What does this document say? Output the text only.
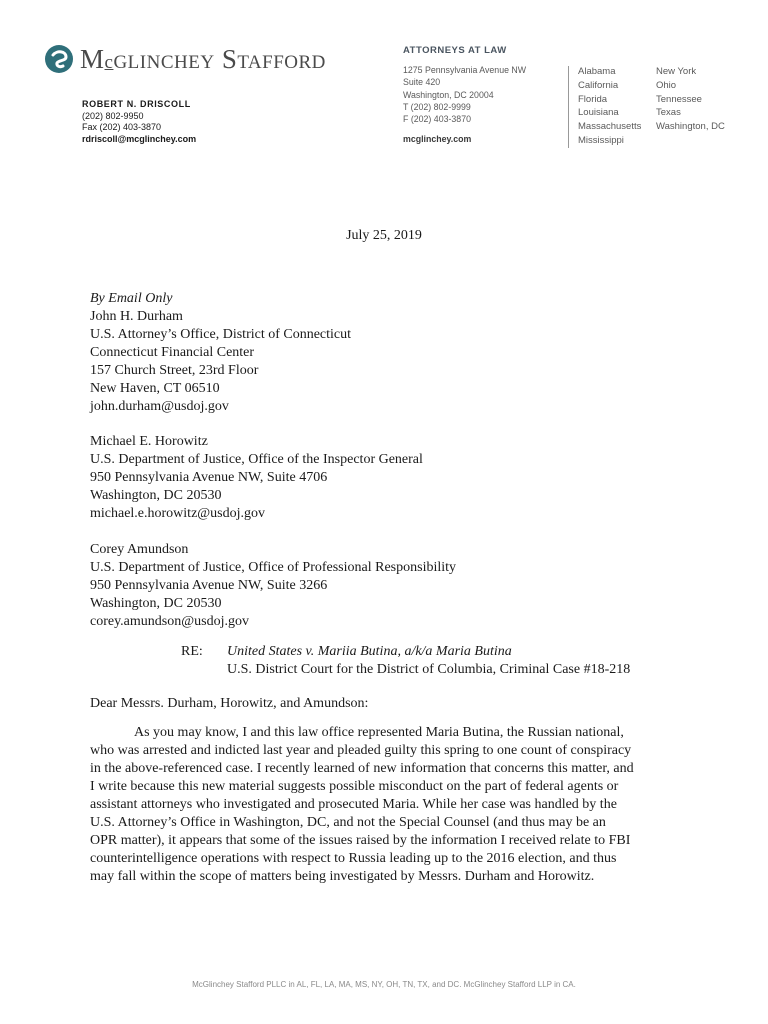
McGLINCHEY STAFFORD
ROBERT N. DRISCOLL
(202) 802-9950
Fax (202) 403-3870
rdriscoll@mcglinchey.com
ATTORNEYS AT LAW
1275 Pennsylvania Avenue NW
Suite 420
Washington, DC 20004
T (202) 802-9999
F (202) 403-3870
mcglinchey.com
Alabama
California
Florida
Louisiana
Massachusetts
Mississippi
New York
Ohio
Tennessee
Texas
Washington, DC
July 25, 2019
By Email Only
John H. Durham
U.S. Attorney’s Office, District of Connecticut
Connecticut Financial Center
157 Church Street, 23rd Floor
New Haven, CT 06510
john.durham@usdoj.gov
Michael E. Horowitz
U.S. Department of Justice, Office of the Inspector General
950 Pennsylvania Avenue NW, Suite 4706
Washington, DC 20530
michael.e.horowitz@usdoj.gov
Corey Amundson
U.S. Department of Justice, Office of Professional Responsibility
950 Pennsylvania Avenue NW, Suite 3266
Washington, DC 20530
corey.amundson@usdoj.gov
RE: United States v. Mariia Butina, a/k/a Maria Butina
U.S. District Court for the District of Columbia, Criminal Case #18-218
Dear Messrs. Durham, Horowitz, and Amundson:
As you may know, I and this law office represented Maria Butina, the Russian national,
who was arrested and indicted last year and pleaded guilty this spring to one count of conspiracy
in the above-referenced case. I recently learned of new information that concerns this matter, and
I write because this new material suggests possible misconduct on the part of federal agents or
assistant attorneys who investigated and prosecuted Maria. While her case was handled by the
U.S. Attorney’s Office in Washington, DC, and not the Special Counsel (and thus may be an
OPR matter), it appears that some of the issues raised by the information I received relate to FBI
counterintelligence operations with respect to Russia leading up to the 2016 election, and thus
may fall within the scope of matters being investigated by Messrs. Durham and Horowitz.
McGlinchey Stafford PLLC in AL, FL, LA, MA, MS, NY, OH, TN, TX, and DC. McGlinchey Stafford LLP in CA.
